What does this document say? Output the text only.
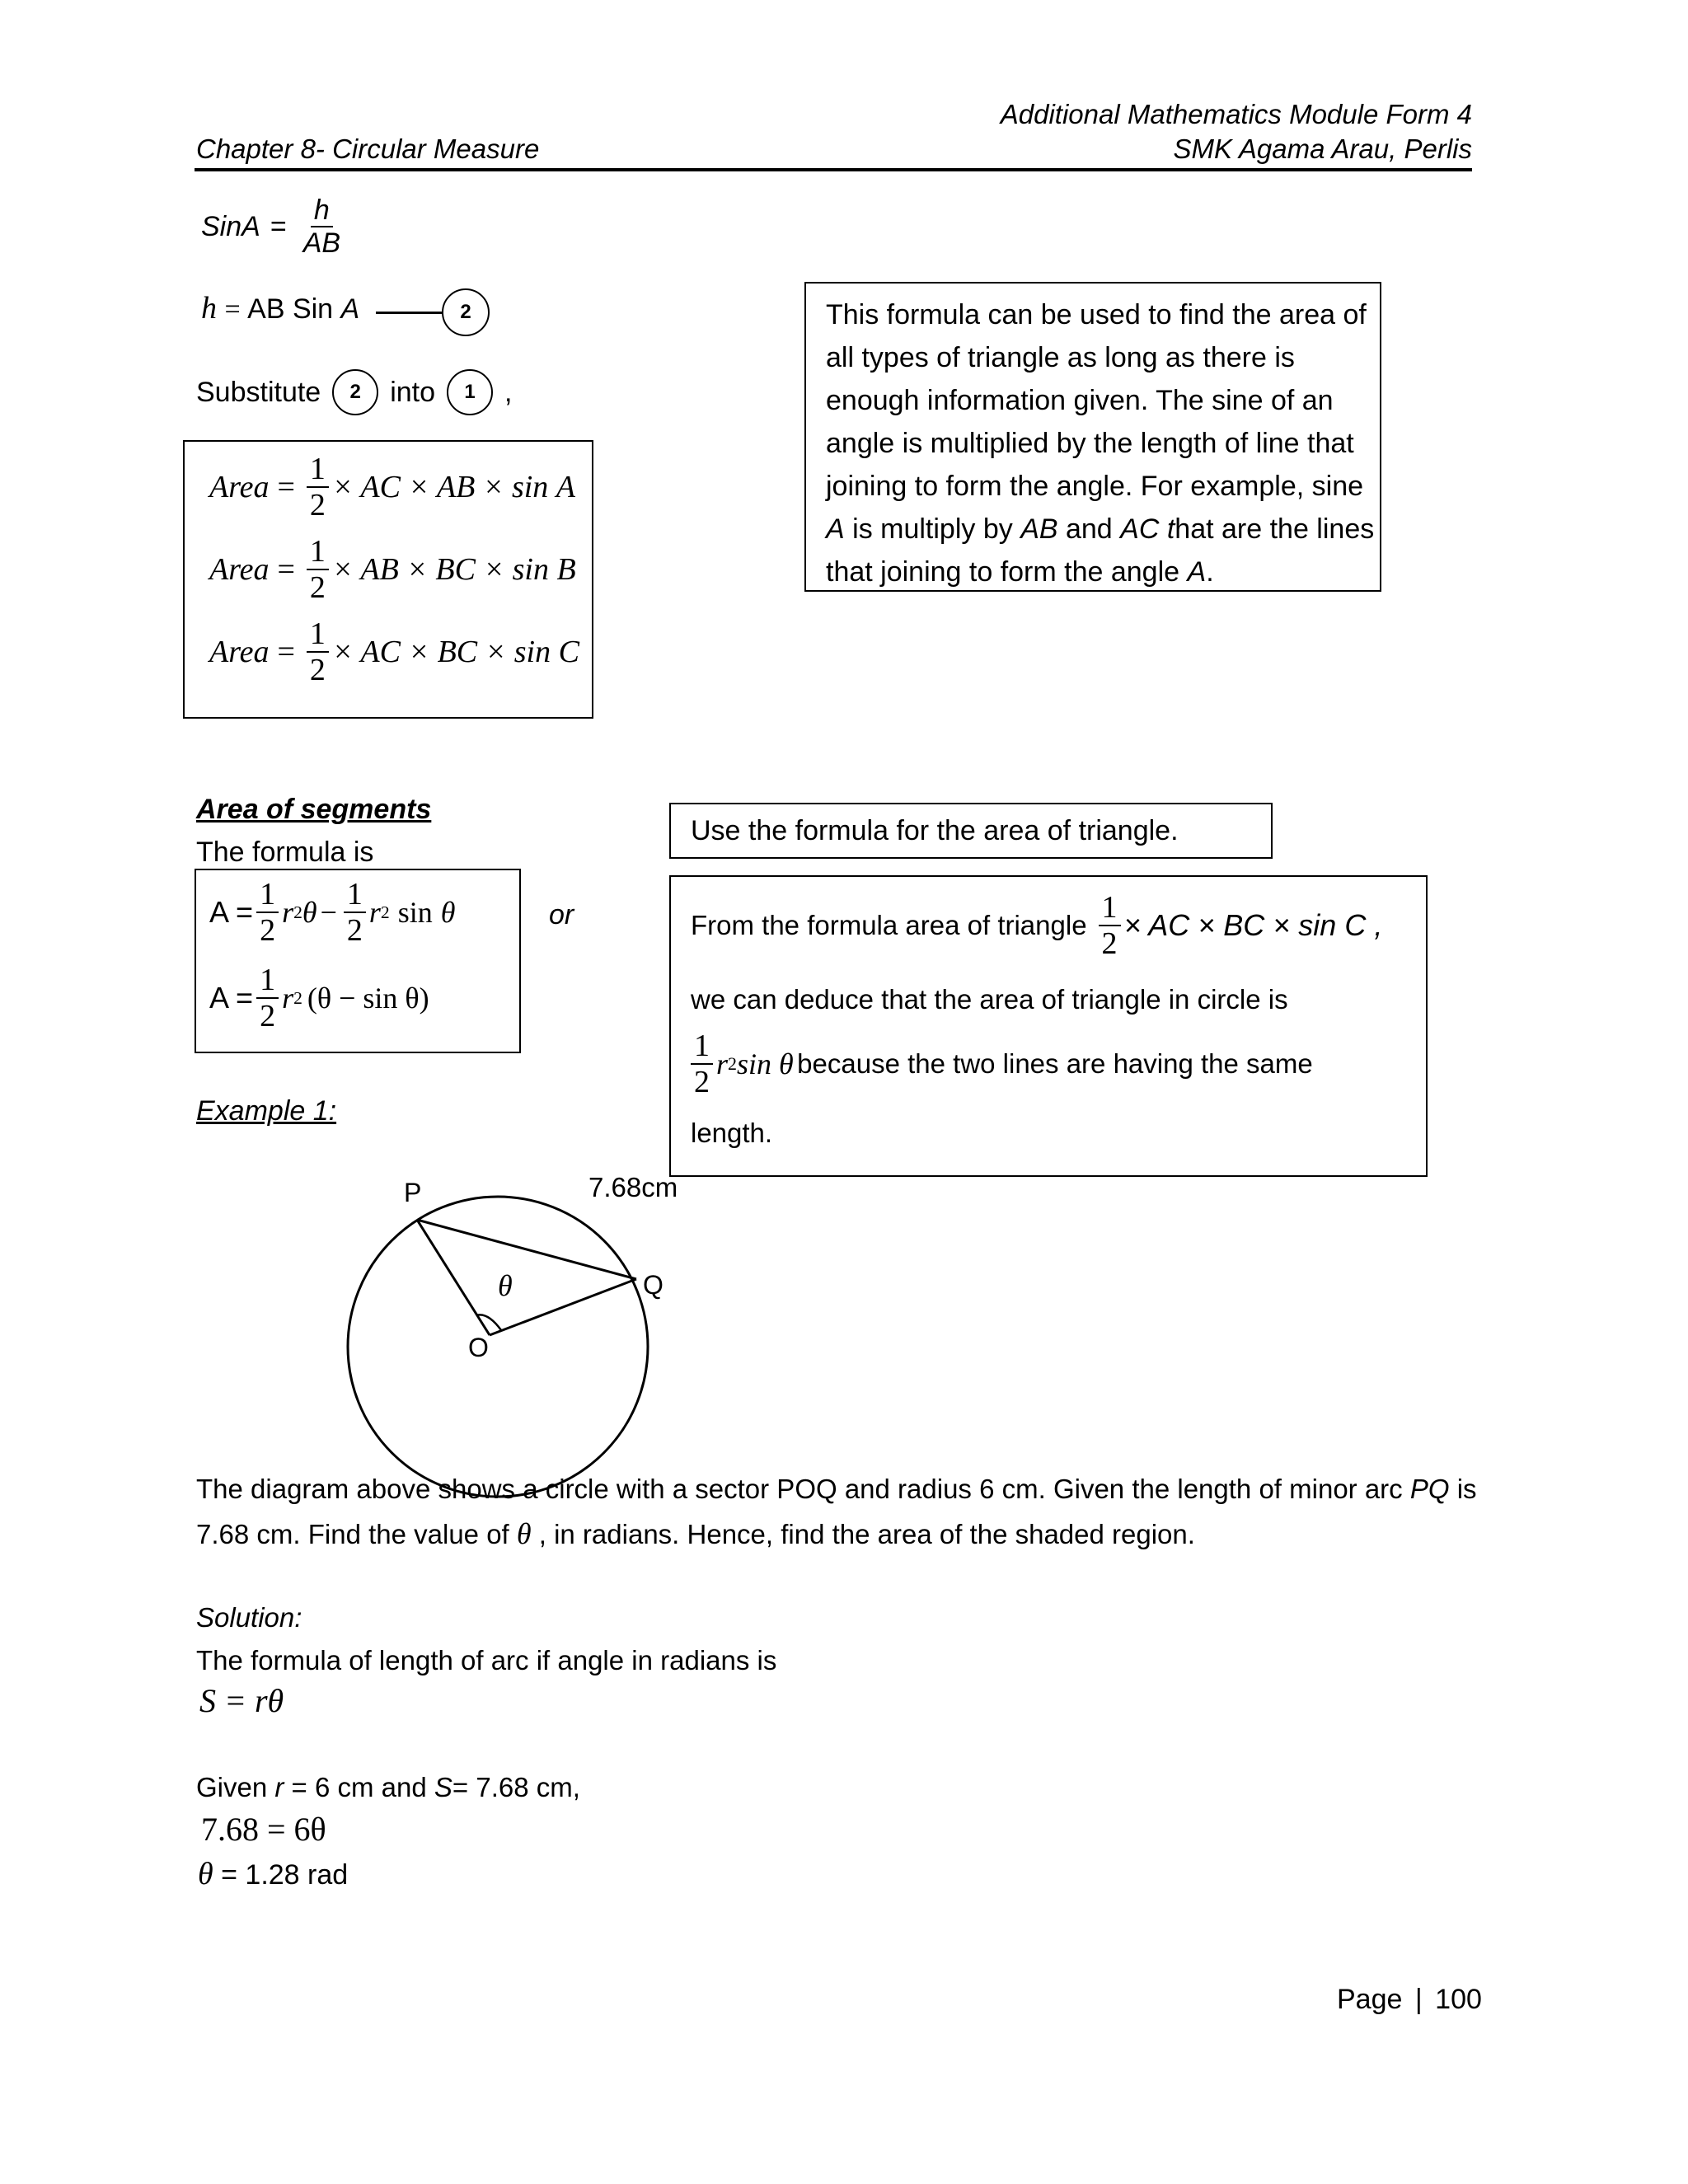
Chapter 8- Circular Measure
Additional Mathematics Module Form 4
SMK Agama Arau, Perlis
SinA = $\frac{h}{AB}$
h = AB Sin A	2
Substitute	2	into	1	,
Area = $\frac{1}{2}$ × AC × AB × sin
A
Area = $\frac{1}{2}$ × AB × BC × sin
B
Area = $\frac{1}{2}$ × AC × BC × sin
C
This formula can be used to find the area of
all types of triangle as long as there is
enough information given. The sine of an
angle is multiplied by the length of line that
joining to form the angle. For example, sine
A is multiply by AB and AC that are the lines
that joining to form the angle A.
Area of segments
The formula is
$A = \frac{1}{2}$ r 2 $\theta - \frac{1}{2}$ r 2
sin
θ
$A = \frac{1}{2}$ r 2 (θ − sin θ)
or
Use the formula for the area of triangle.
From the formula area of triangle $\frac{1}{2}$ × AC × BC × sin C ,
we can deduce that the area of triangle in circle is
$\frac{1}{2}$ r 2 sin θ
because the two lines are having the same
length.
Example 1:
P
Q
O
θ
7.68cm
The diagram above shows a circle with a sector POQ and radius 6 cm. Given the length of minor arc PQ is
7.68 cm. Find the value of θ , in radians. Hence, find the area of the shaded region.
Solution:
The formula of length of arc if angle in radians is
S = rθ
Given r = 6 cm and S= 7.68 cm,
7.68 = 6θ
θ = 1.28 rad
Page | 100
